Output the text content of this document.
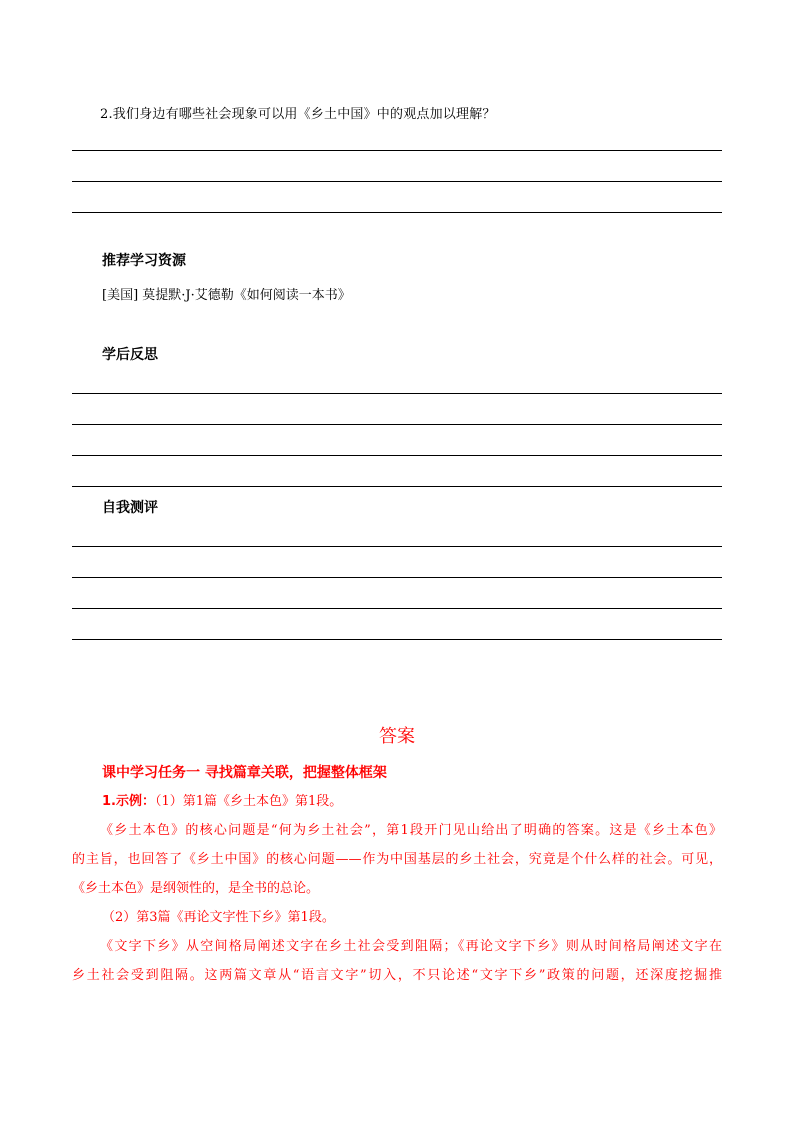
2.我们身边有哪些社会现象可以用《乡土中国》中的观点加以理解？
推荐学习资源
[美国] 莫提默·J·艾德勒《如何阅读一本书》
学后反思
自我测评
答案
课中学习任务一 寻找篇章关联，把握整体框架
1.示例：（1）第1篇《乡土本色》第1段。
《乡土本色》的核心问题是“何为乡土社会”，第1段开门见山给出了明确的答案。这是《乡土本色》
的主旨，也回答了《乡土中国》的核心问题——作为中国基层的乡土社会，究竟是个什么样的社会。可见，
《乡土本色》是纲领性的，是全书的总论。
（2）第3篇《再论文字性下乡》第1段。
《文字下乡》从空间格局阐述文字在乡土社会受到阻隔；《再论文字下乡》则从时间格局阐述文字在
乡土社会受到阻隔。这两篇文章从“语言文字”切入，不只论述“文字下乡”政策的问题，还深度挖掘推
